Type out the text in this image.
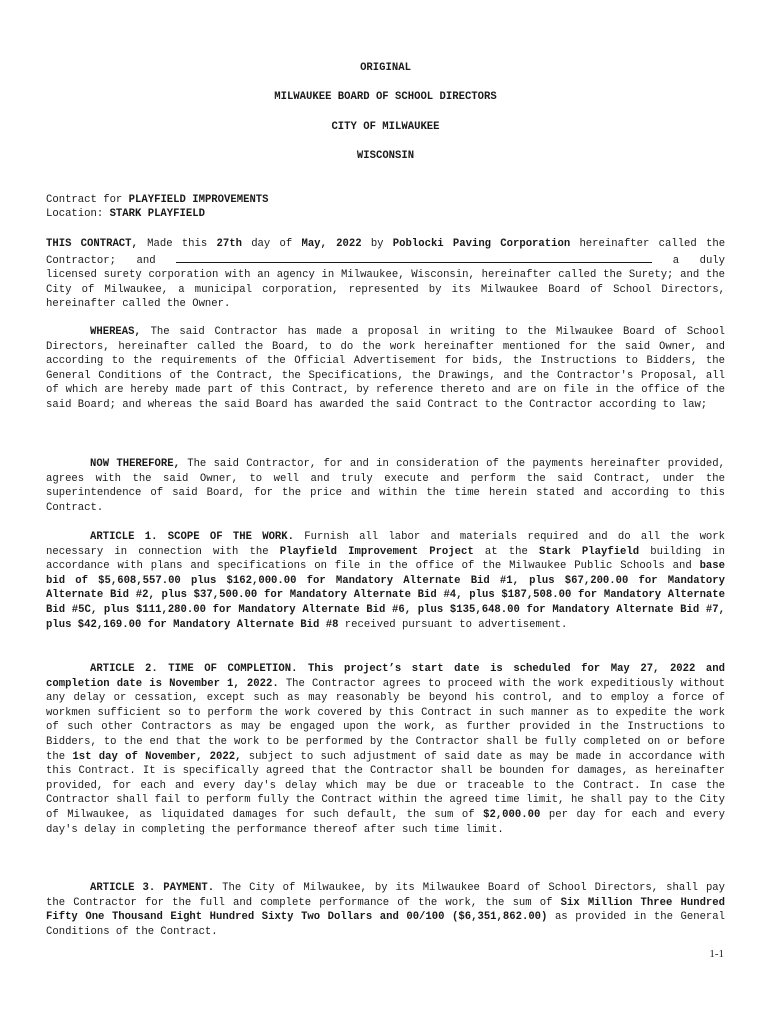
ORIGINAL
MILWAUKEE BOARD OF SCHOOL DIRECTORS
CITY OF MILWAUKEE
WISCONSIN
Contract for PLAYFIELD IMPROVEMENTS
Location: STARK PLAYFIELD
THIS CONTRACT, Made this 27th day of May, 2022 by Poblocki Paving Corporation hereinafter called the Contractor; and	a duly licensed surety corporation with an agency in Milwaukee, Wisconsin, hereinafter called the Surety; and the City of Milwaukee, a municipal corporation, represented by its Milwaukee Board of School Directors, hereinafter called the Owner.
WHEREAS, The said Contractor has made a proposal in writing to the Milwaukee Board of School Directors, hereinafter called the Board, to do the work hereinafter mentioned for the said Owner, and according to the requirements of the Official Advertisement for bids, the Instructions to Bidders, the General Conditions of the Contract, the Specifications, the Drawings, and the Contractor's Proposal, all of which are hereby made part of this Contract, by reference thereto and are on file in the office of the said Board; and whereas the said Board has awarded the said Contract to the Contractor according to law;
NOW THEREFORE, The said Contractor, for and in consideration of the payments hereinafter provided, agrees with the said Owner, to well and truly execute and perform the said Contract, under the superintendence of said Board, for the price and within the time herein stated and according to this Contract.
ARTICLE 1. SCOPE OF THE WORK. Furnish all labor and materials required and do all the work necessary in connection with the Playfield Improvement Project at the Stark Playfield building in accordance with plans and specifications on file in the office of the Milwaukee Public Schools and base bid of $5,608,557.00 plus $162,000.00 for Mandatory Alternate Bid #1, plus $67,200.00 for Mandatory Alternate Bid #2, plus $37,500.00 for Mandatory Alternate Bid #4, plus $187,508.00 for Mandatory Alternate Bid #5C, plus $111,280.00 for Mandatory Alternate Bid #6, plus $135,648.00 for Mandatory Alternate Bid #7, plus $42,169.00 for Mandatory Alternate Bid #8 received pursuant to advertisement.
ARTICLE 2. TIME OF COMPLETION. This project’s start date is scheduled for May 27, 2022 and completion date is November 1, 2022. The Contractor agrees to proceed with the work expeditiously without any delay or cessation, except such as may reasonably be beyond his control, and to employ a force of workmen sufficient so to perform the work covered by this Contract in such manner as to expedite the work of such other Contractors as may be engaged upon the work, as further provided in the Instructions to Bidders, to the end that the work to be performed by the Contractor shall be fully completed on or before the 1st day of November, 2022, subject to such adjustment of said date as may be made in accordance with this Contract. It is specifically agreed that the Contractor shall be bounden for damages, as hereinafter provided, for each and every day's delay which may be due or traceable to the Contract. In case the Contractor shall fail to perform fully the Contract within the agreed time limit, he shall pay to the City of Milwaukee, as liquidated damages for such default, the sum of $2,000.00 per day for each and every day's delay in completing the performance thereof after such time limit.
ARTICLE 3. PAYMENT. The City of Milwaukee, by its Milwaukee Board of School Directors, shall pay the Contractor for the full and complete performance of the work, the sum of Six Million Three Hundred Fifty One Thousand Eight Hundred Sixty Two Dollars and 00/100 ($6,351,862.00) as provided in the General Conditions of the Contract.
1-1
